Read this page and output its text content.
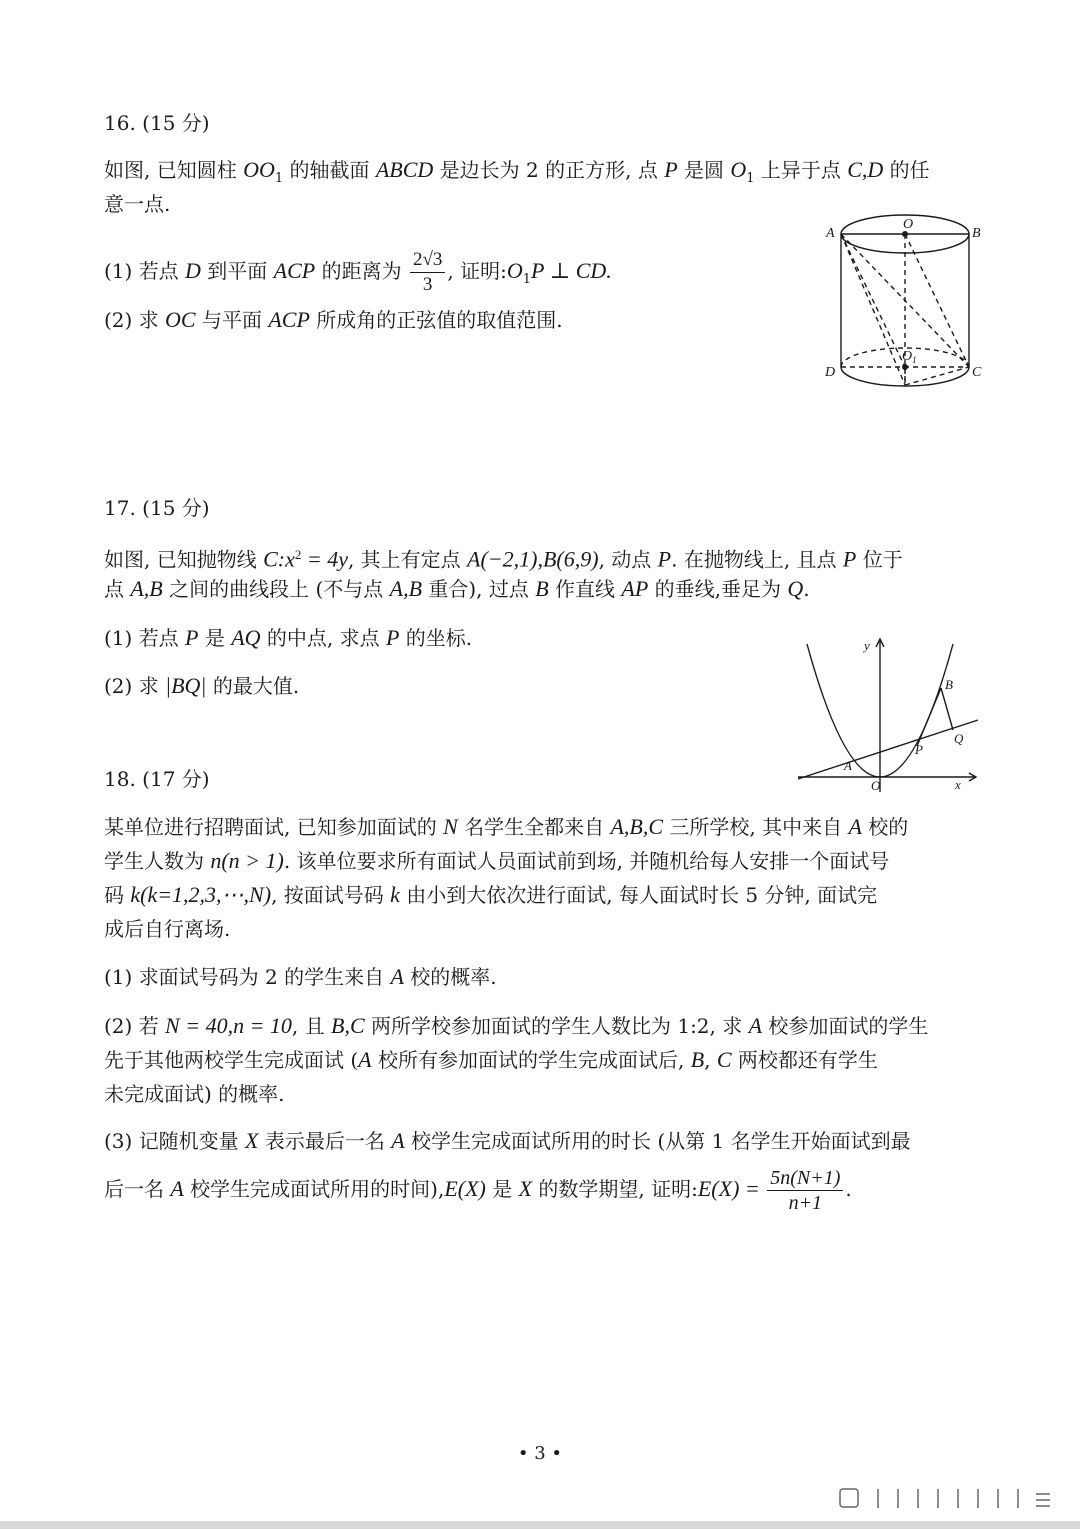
16. (15 分)
如图, 已知圆柱 $OO_1$ 的轴截面 ABCD 是边长为 2 的正方形, 点 P 是圆 $O_1$ 上异于点 C,D 的任
意一点.
(1) 若点 D 到平面 ACP 的距离为 $\frac{2√3}{3}$ , 证明$:O_1P$ ⊥ CD.
(2) 求 OC 与平面 ACP 所成角的正弦值的取值范围.
A	B
O
D	C
$O_1$
17. (15 分)
如图, 已知抛物线 $C:x^2 = 4y$, 其上有定点 A(−2,1),B(6,9), 动点 P. 在抛物线上, 且点 P 位于
点 A,B 之间的曲线段上 (不与点 A,B 重合), 过点 B 作直线 AP 的垂线,垂足为 Q.
(1) 若点 P 是 AQ 的中点, 求点 P 的坐标.
(2) 求 |BQ| 的最大值.
y
x
O
A
B
P
Q
18. (17 分)
某单位进行招聘面试, 已知参加面试的 N 名学生全都来自 A,B,C 三所学校, 其中来自 A 校的
学生人数为 n(n > 1). 该单位要求所有面试人员面试前到场, 并随机给每人安排一个面试号
码 k(k=1,2,3,⋯,N), 按面试号码 k 由小到大依次进行面试, 每人面试时长 5 分钟, 面试完
成后自行离场.
(1) 求面试号码为 2 的学生来自 A 校的概率.
(2) 若 N = 40,n = 10, 且 B,C 两所学校参加面试的学生人数比为 1:2, 求 A 校参加面试的学生
先于其他两校学生完成面试 (A 校所有参加面试的学生完成面试后, B, C 两校都还有学生
未完成面试) 的概率.
(3) 记随机变量 X 表示最后一名 A 校学生完成面试所用的时长 (从第 1 名学生开始面试到最
后一名 A 校学生完成面试所用的时间),E(X) 是 X 的数学期望, 证明:E(X) = $\frac{5n(N+1)}{n+1}$ .
• 3 •
